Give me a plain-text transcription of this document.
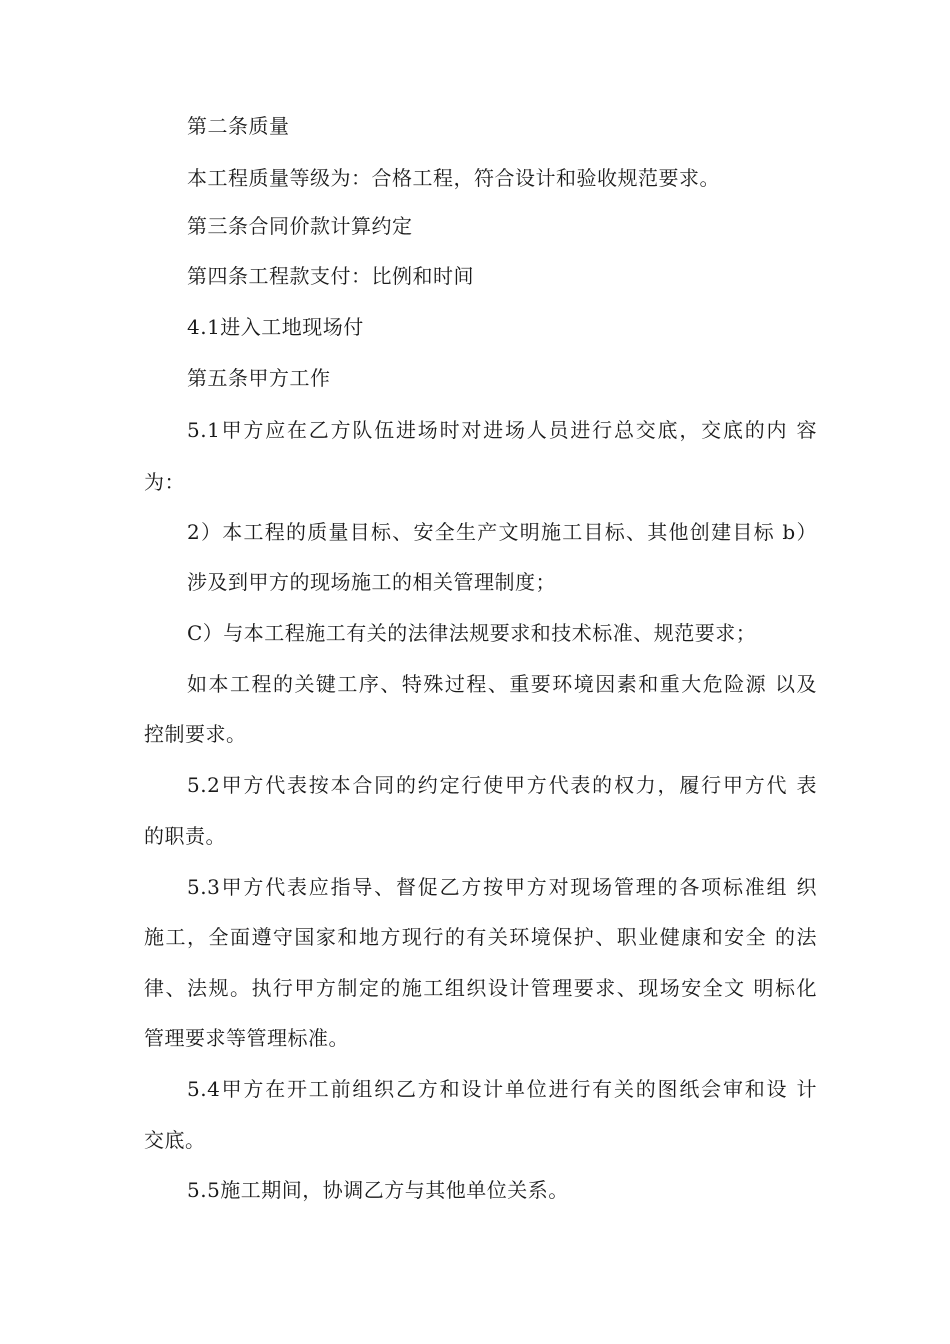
第二条质量
本工程质量等级为：合格工程，符合设计和验收规范要求。
第三条合同价款计算约定
第四条工程款支付：比例和时间
4.1进入工地现场付
第五条甲方工作
5.1甲方应在乙方队伍进场时对进场人员进行总交底，交底的内 容
为：
2）本工程的质量目标、安全生产文明施工目标、其他创建目标 b）
涉及到甲方的现场施工的相关管理制度；
C）与本工程施工有关的法律法规要求和技术标准、规范要求；
如本工程的关键工序、特殊过程、重要环境因素和重大危险源 以及
控制要求。
5.2甲方代表按本合同的约定行使甲方代表的权力，履行甲方代 表
的职责。
5.3甲方代表应指导、督促乙方按甲方对现场管理的各项标准组 织
施工，全面遵守国家和地方现行的有关环境保护、职业健康和安全 的法
律、法规。执行甲方制定的施工组织设计管理要求、现场安全文 明标化
管理要求等管理标准。
5.4甲方在开工前组织乙方和设计单位进行有关的图纸会审和设 计
交底。
5.5施工期间，协调乙方与其他单位关系。
